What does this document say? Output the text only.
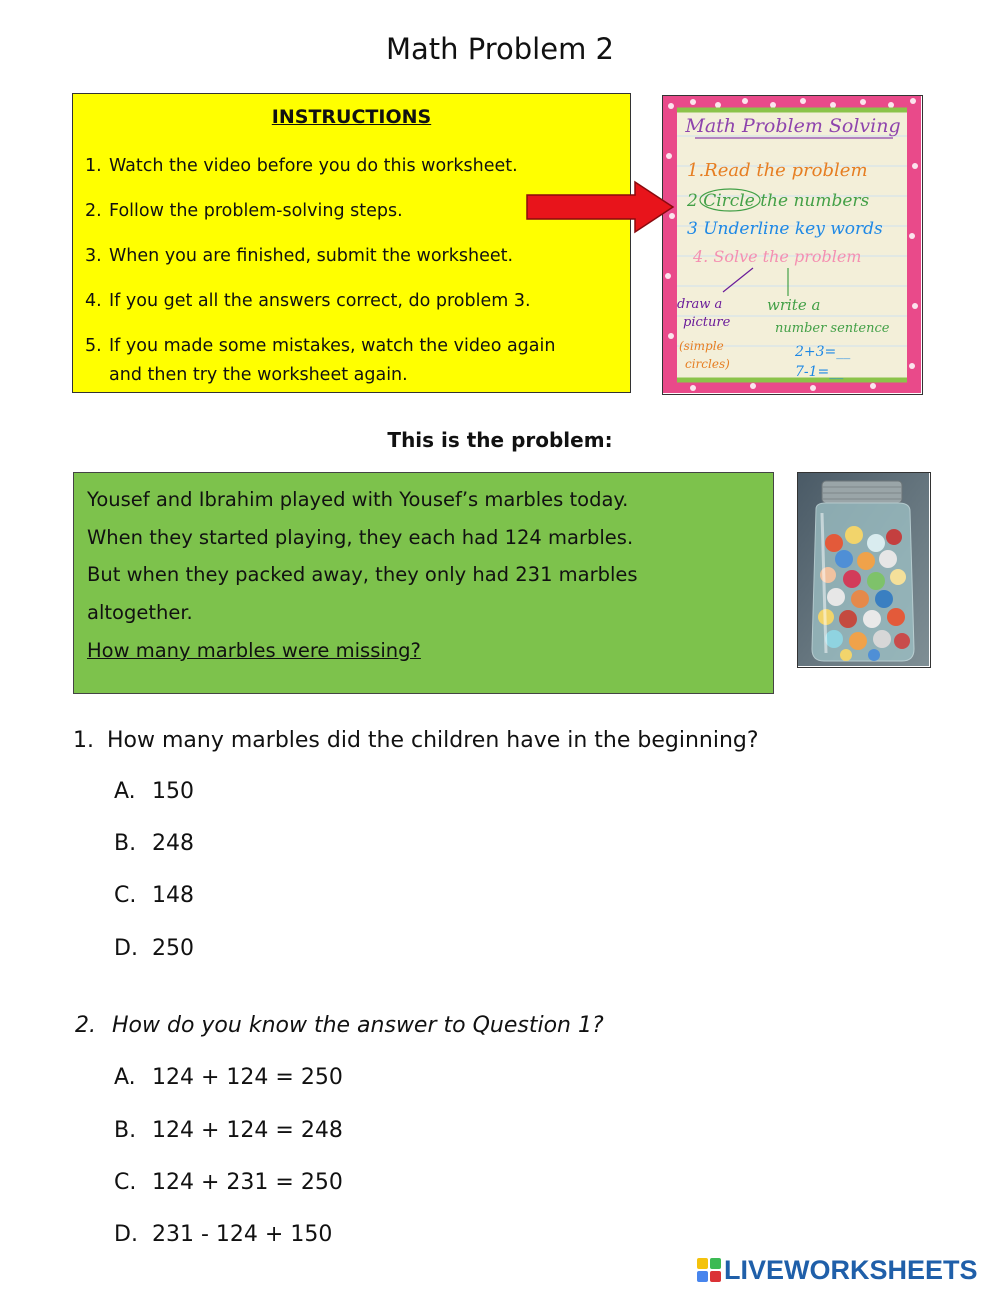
Math Problem 2
INSTRUCTIONS
1. Watch the video before you do this worksheet.
2. Follow the problem-solving steps.
3. When you are finished, submit the worksheet.
4. If you get all the answers correct, do problem 3.
5. If you made some mistakes, watch the video again
and then try the worksheet again.
Math Problem Solving
1.Read the problem
2 Circle the numbers
3 Underline key words
4. Solve the problem
draw a
picture
(simple
circles)
write a
number sentence
2+3=__
7-1=__
This is the problem:
Yousef and Ibrahim played with Yousef’s marbles today.
When they started playing, they each had 124 marbles.
But when they packed away, they only had 231 marbles
altogether.
How many marbles were missing?
1. How many marbles did the children have in the beginning?
A. 150
B. 248
C. 148
D. 250
2. How do you know the answer to Question 1?
A. 124 + 124 = 250
B. 124 + 124 = 248
C. 124 + 231 = 250
D. 231 - 124 + 150
LIVEWORKSHEETS
